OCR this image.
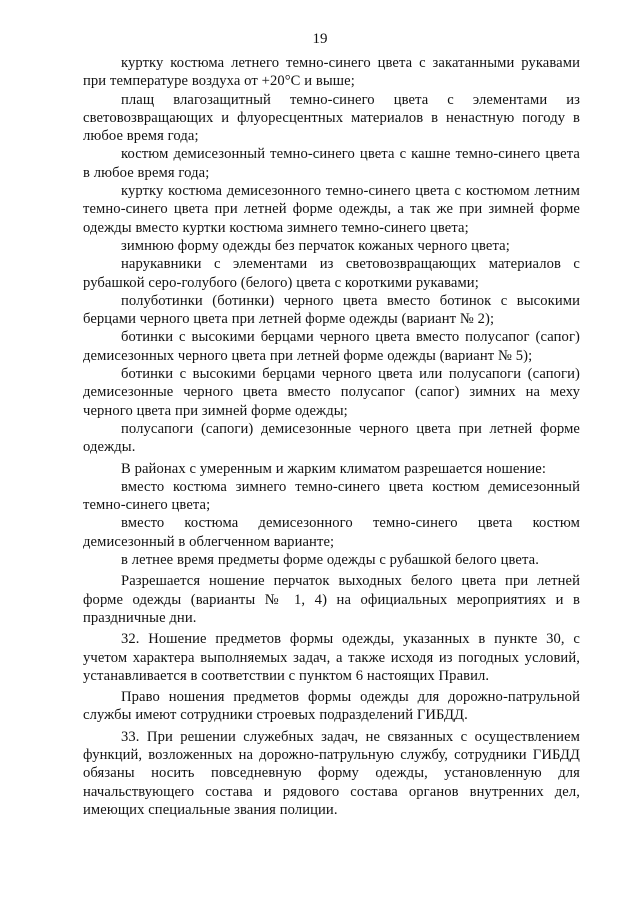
19

куртку костюма летнего темно-синего цвета с закатанными рукавами при температуре воздуха от +20°С и выше;

плащ влагозащитный темно-синего цвета с элементами из световозвращающих и флуоресцентных материалов в ненастную погоду в любое время года;

костюм демисезонный темно-синего цвета с кашне темно-синего цвета в любое время года;

куртку костюма демисезонного темно-синего цвета с костюмом летним темно-синего цвета при летней форме одежды, а так же при зимней форме одежды вместо куртки костюма зимнего темно-синего цвета;

зимнюю форму одежды без перчаток кожаных черного цвета;

нарукавники с элементами из световозвращающих материалов с рубашкой серо-голубого (белого) цвета с короткими рукавами;

полуботинки (ботинки) черного цвета вместо ботинок с высокими берцами черного цвета при летней форме одежды (вариант № 2);

ботинки с высокими берцами черного цвета вместо полусапог (сапог) демисезонных черного цвета при летней форме одежды (вариант № 5);

ботинки с высокими берцами черного цвета или полусапоги (сапоги) демисезонные черного цвета вместо полусапог (сапог) зимних на меху черного цвета при зимней форме одежды;

полусапоги (сапоги) демисезонные черного цвета при летней форме одежды.

В районах с умеренным и жарким климатом разрешается ношение:

вместо костюма зимнего темно-синего цвета костюм демисезонный темно-синего цвета;

вместо костюма демисезонного темно-синего цвета костюм демисезонный в облегченном варианте;

в летнее время предметы форме одежды с рубашкой белого цвета.

Разрешается ношение перчаток выходных белого цвета при летней форме одежды (варианты № 1, 4) на официальных мероприятиях и в праздничные дни.

32. Ношение предметов формы одежды, указанных в пункте 30, с учетом характера выполняемых задач, а также исходя из погодных условий, устанавливается в соответствии с пунктом 6 настоящих Правил.

Право ношения предметов формы одежды для дорожно-патрульной службы имеют сотрудники строевых подразделений ГИБДД.

33. При решении служебных задач, не связанных с осуществлением функций, возложенных на дорожно-патрульную службу, сотрудники ГИБДД обязаны носить повседневную форму одежды, установленную для начальствующего состава и рядового состава органов внутренних дел, имеющих специальные звания полиции.
